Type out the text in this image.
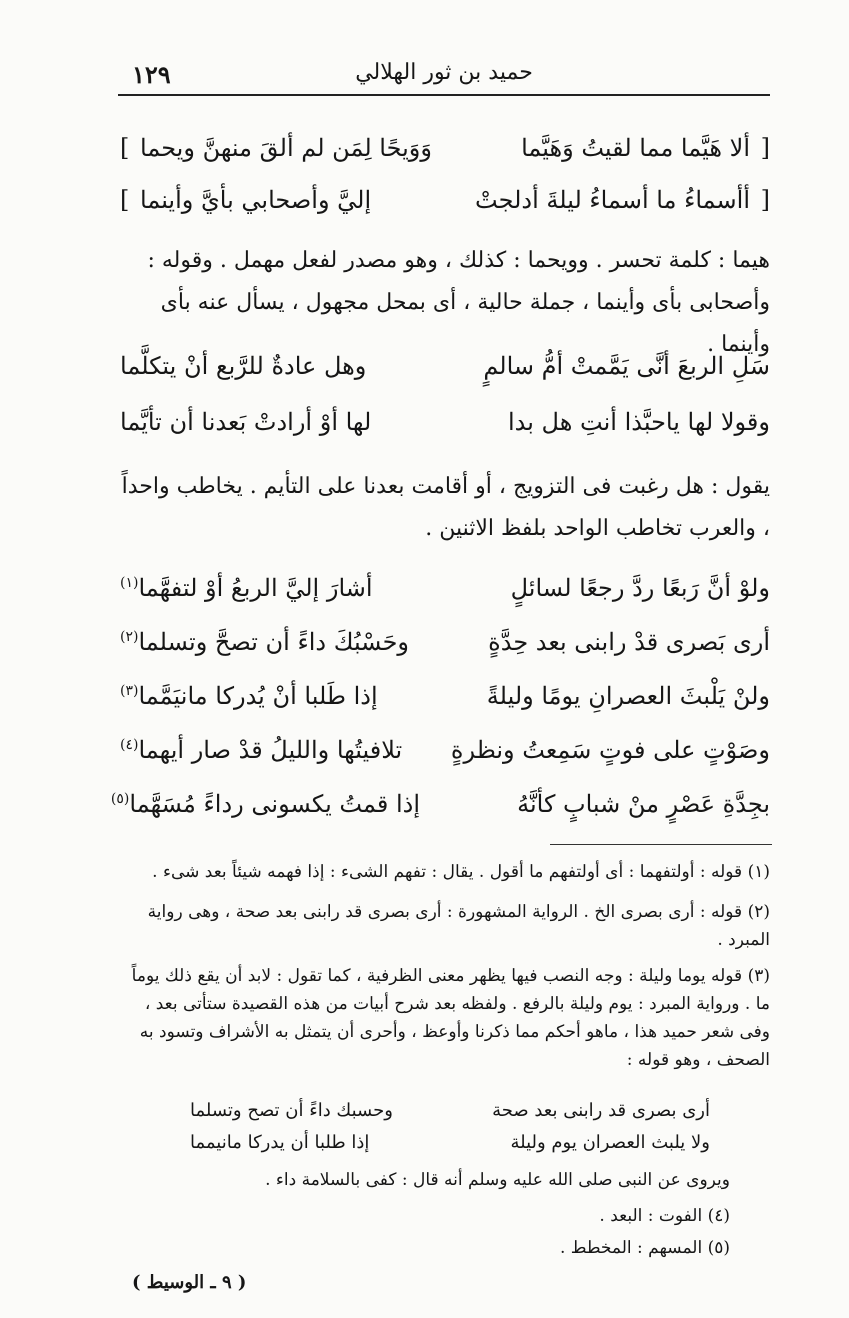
١٢٩	حميد بن ثور الهلالي
[
ألا هَيَّما مما لقيتُ وَهَيَّما
وَوَيحًا لِمَن لم ألقَ منهنَّ ويحما
]
[
أأسماءُ ما أسماءُ ليلةَ أدلجتْ
إليَّ وأصحابي بأيَّ وأينما
]
هيما : كلمة تحسر . وويحما : كذلك ، وهو مصدر لفعل مهمل . وقوله : وأصحابى بأى وأينما ، جملة حالية ، أى بمحل مجهول ، يسأل عنه بأى وأينما .
سَلِ الربعَ أنَّى يَمَّمتْ أمُّ سالمٍ
وهل عادةٌ للرَّبع أنْ يتكلَّما
وقولا لها ياحبَّذا أنتِ هل بدا
لها أوْ أرادتْ بَعدنا أن تأيَّما
يقول : هل رغبت فى التزويج ، أو أقامت بعدنا على التأيم . يخاطب واحداً ، والعرب تخاطب الواحد بلفظ الاثنين .
ولوْ أنَّ رَبعًا ردَّ رجعًا لسائلٍ
أشارَ إليَّ الربعُ أوْ لتفهَّما$^{(١)}$
أرى بَصرى قدْ رابنى بعد حِدَّةٍ
وحَسْبُكَ داءً أن تصحَّ وتسلما$^{(٢)}$
ولنْ يَلْبثَ العصرانِ يومًا وليلةً
إذا طَلبا أنْ يُدركا مانيَمَّما$^{(٣)}$
وصَوْتٍ على فوتٍ سَمِعتُ ونظرةٍ
تلافيتُها والليلُ قدْ صار أيهما$^{(٤)}$
بجِدَّةِ عَصْرٍ منْ شبابٍ كأنَّهُ
إذا قمتُ يكسونى رداءً مُسَهَّما$^{(٥)}$
(١) قوله : أولتفهما : أى أولتفهم ما أقول . يقال : تفهم الشىء : إذا فهمه شيئاً بعد شىء .
(٢) قوله : أرى بصرى الخ . الرواية المشهورة : أرى بصرى قد رابنى بعد صحة ، وهى رواية المبرد .
(٣) قوله يوما وليلة : وجه النصب فيها يظهر معنى الظرفية ، كما تقول : لابد أن يقع ذلك يوماً ما . ورواية المبرد : يوم وليلة بالرفع . ولفظه بعد شرح أبيات من هذه القصيدة ستأتى بعد ، وفى شعر حميد هذا ، ماهو أحكم مما ذكرنا وأوعظ ، وأحرى أن يتمثل به الأشراف وتسود به الصحف ، وهو قوله :
أرى بصرى قد رابنى بعد صحة
وحسبك داءً أن تصح وتسلما
ولا يلبث العصران يوم وليلة
إذا طلبا أن يدركا مانيمما
ويروى عن النبى صلى الله عليه وسلم أنه قال : كفى بالسلامة داء .
(٤) الفوت : البعد .
(٥) المسهم : المخطط .
( ٩ ـ الوسيط )
